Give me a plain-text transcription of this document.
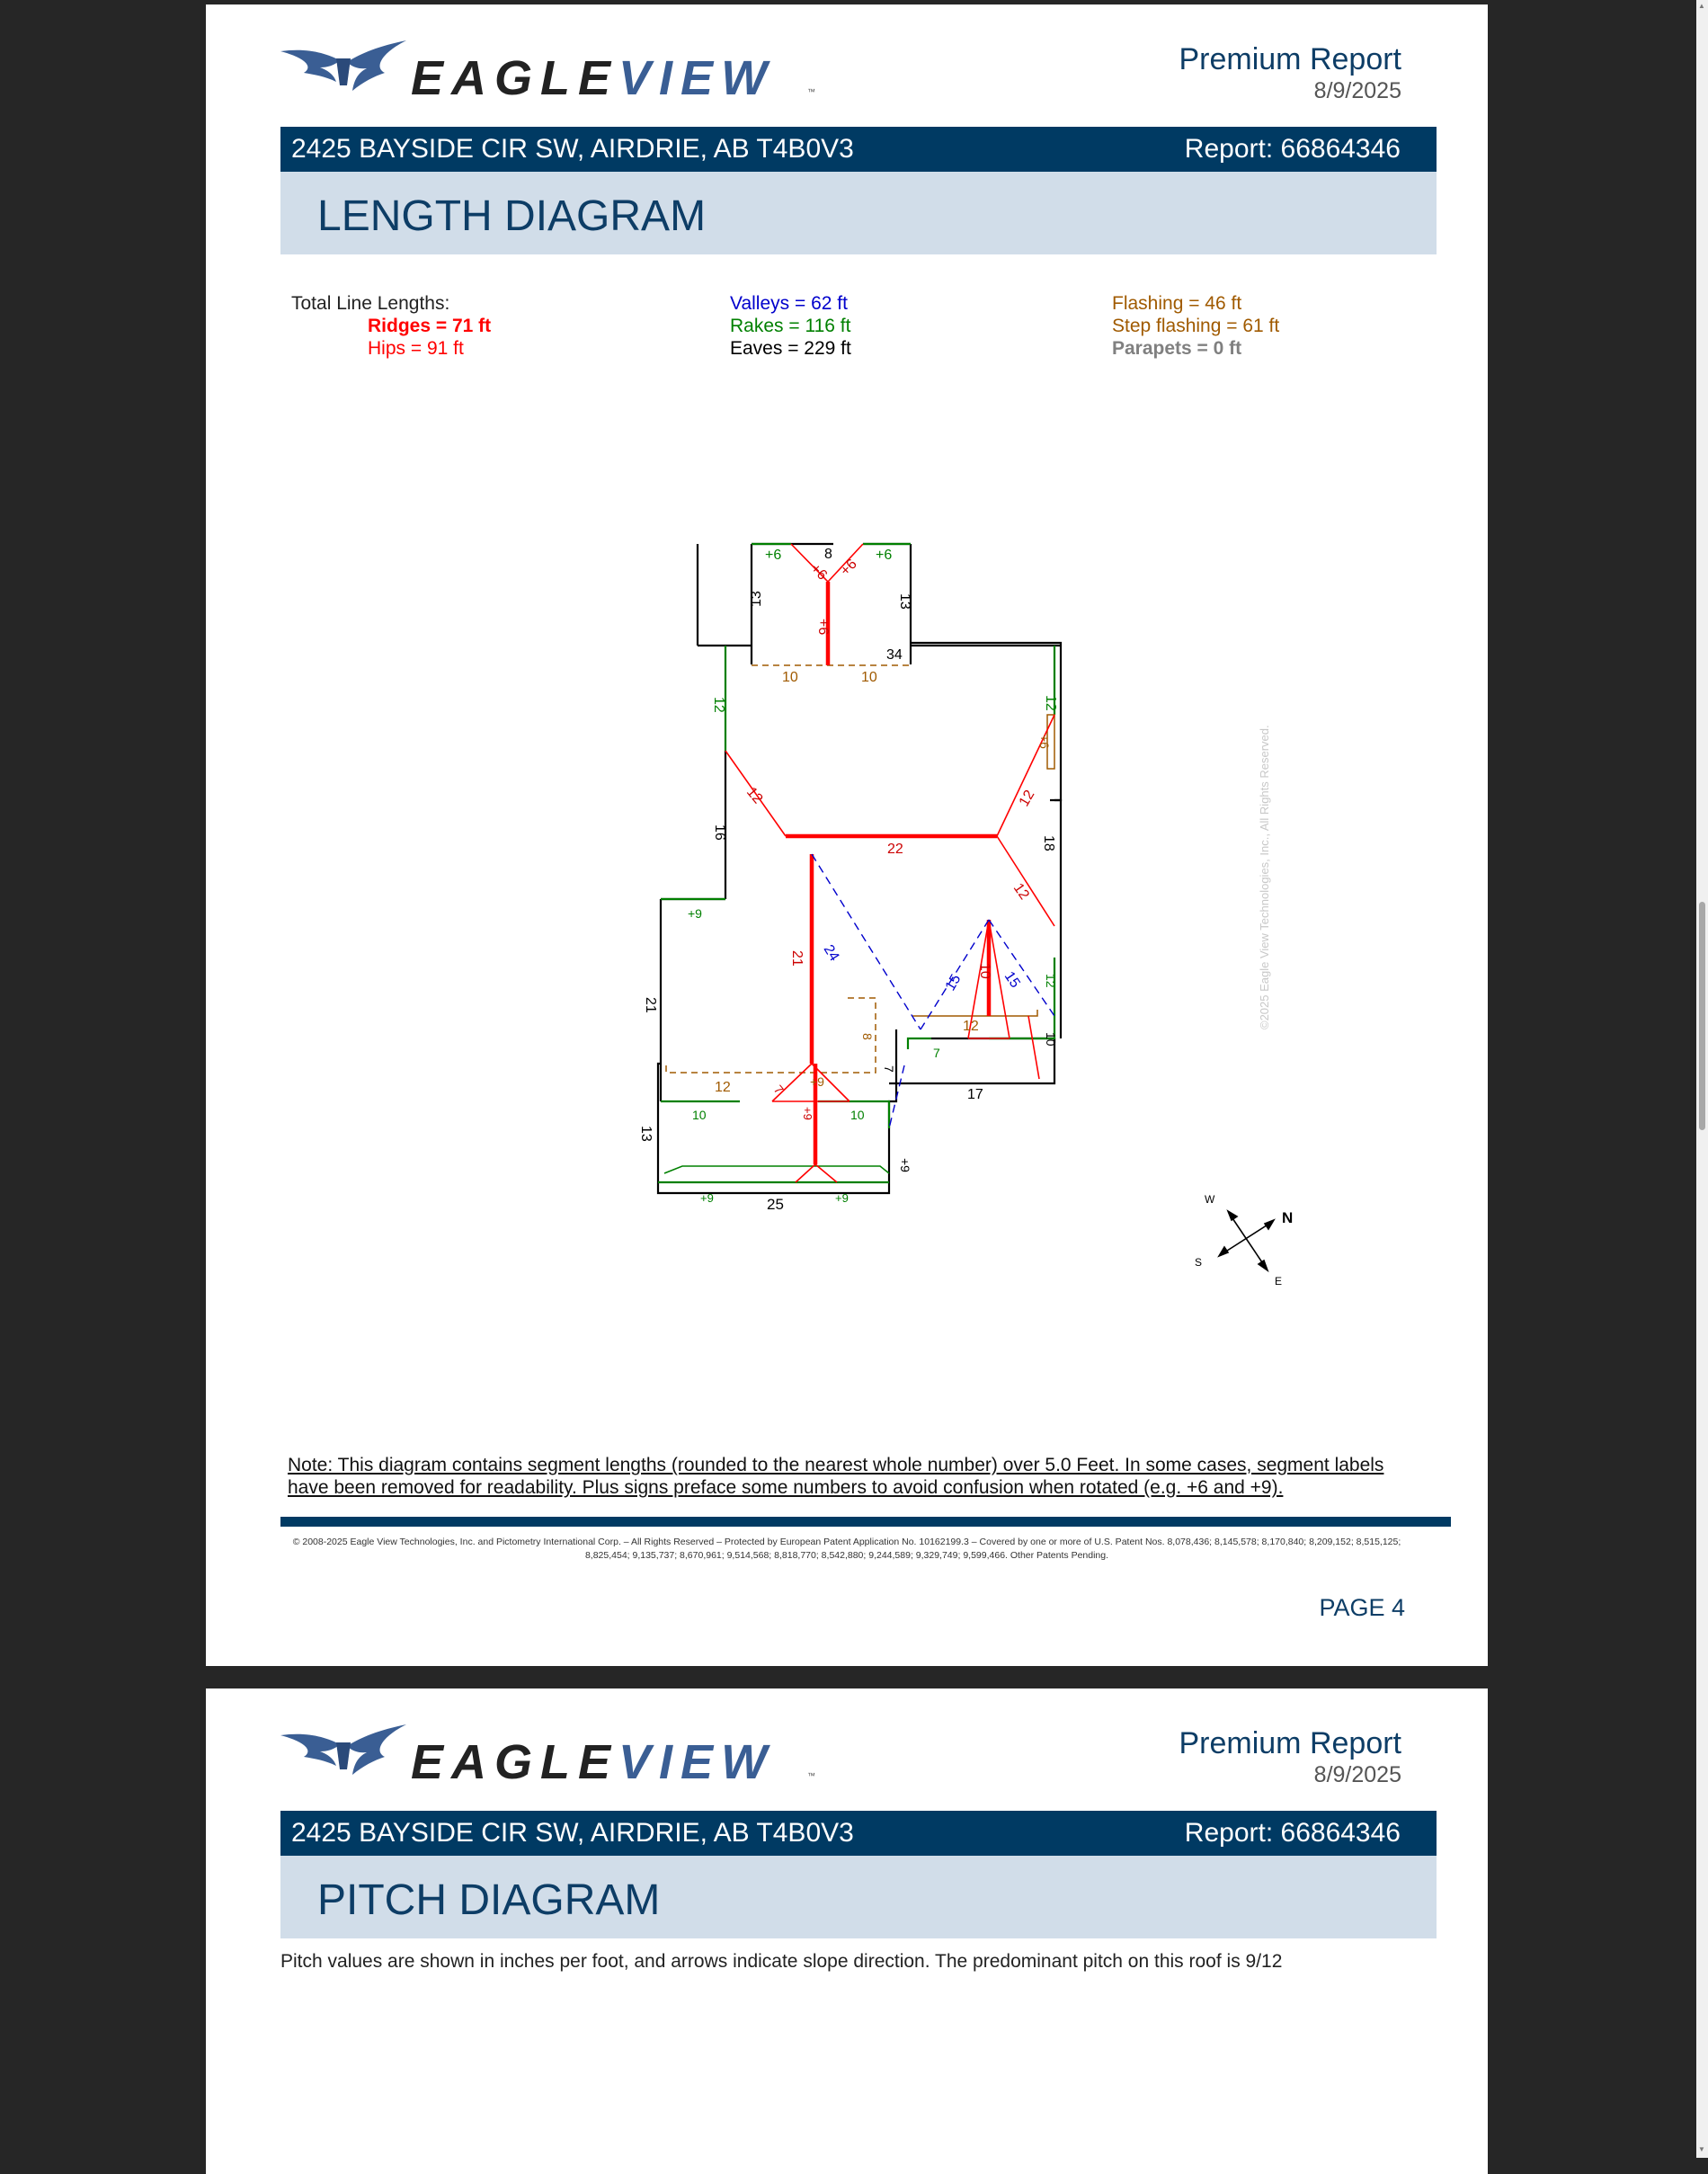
EAGLEVIEW	™
Premium Report
8/9/2025
2425 BAYSIDE CIR SW, AIRDRIE, AB T4B0V3	Report: 66864346
LENGTH DIAGRAM
Total Line Lengths:
Ridges = 71 ft
Hips = 91 ft
Valleys = 62 ft
Rakes = 116 ft
Eaves = 229 ft
Flashing = 46 ft
Step flashing = 61 ft
Parapets = 0 ft
+6	+6
8
+6 +6
+6
13	13
34
10	10
12	12
+6
12	12
12
16
18
22
+9
21
21 24
15	15
10
12
12
10
8
7
7
17
12	7
+9
+9
10	10
13
+9
+9	+9
25	W
N
S
E
©2025 Eagle View Technologies, Inc., All Rights Reserved.
Note: This diagram contains segment lengths (rounded to the nearest whole number) over 5.0 Feet. In some cases, segment labels have been removed for readability. Plus signs preface some numbers to avoid confusion when rotated (e.g. +6 and +9).
© 2008-2025 Eagle View Technologies, Inc. and Pictometry International Corp. – All Rights Reserved – Protected by European Patent Application No. 10162199.3 – Covered by one or more of U.S. Patent Nos. 8,078,436; 8,145,578; 8,170,840; 8,209,152; 8,515,125; 8,825,454; 9,135,737; 8,670,961; 9,514,568; 8,818,770; 8,542,880; 9,244,589; 9,329,749; 9,599,466. Other Patents Pending.
PAGE 4
EAGLEVIEW	™
Premium Report
8/9/2025
2425 BAYSIDE CIR SW, AIRDRIE, AB T4B0V3	Report: 66864346
PITCH DIAGRAM
Pitch values are shown in inches per foot, and arrows indicate slope direction. The predominant pitch on this roof is 9/12
▲
▼
